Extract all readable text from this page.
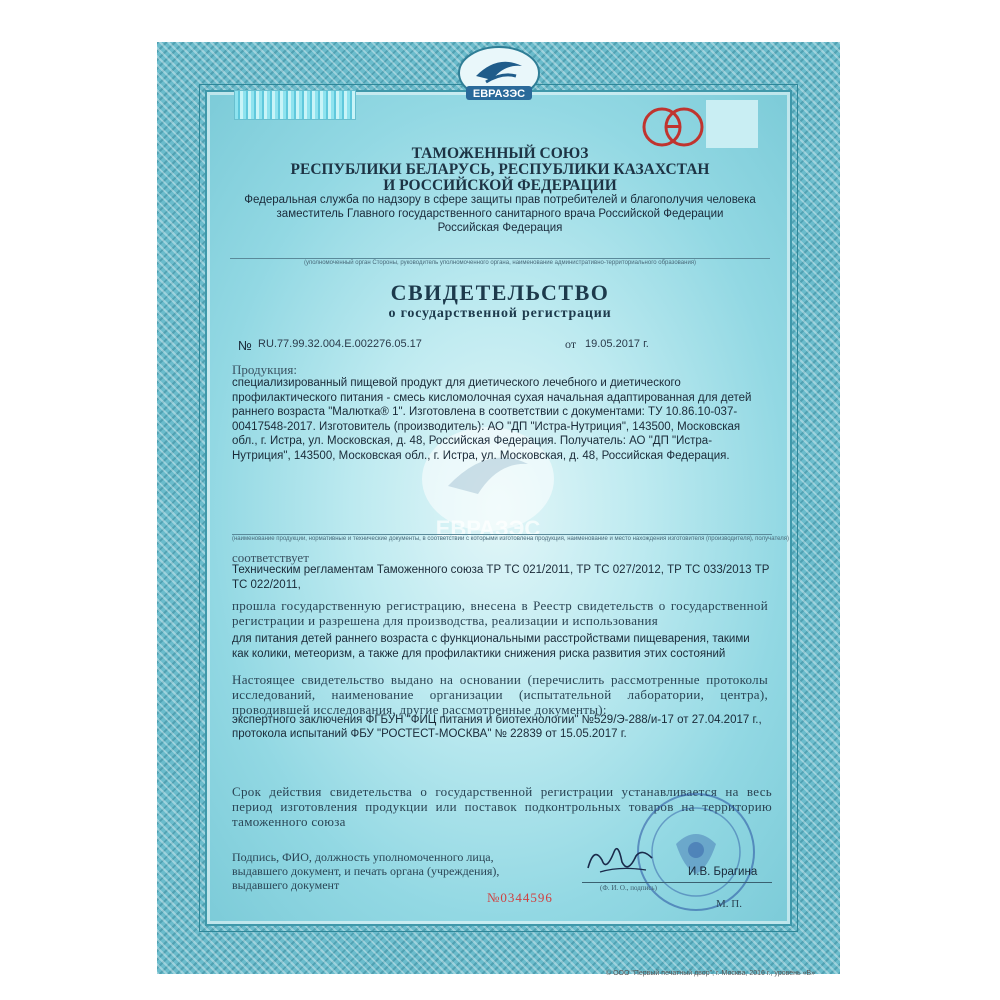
ЕВРАЗЭС
ТАМОЖЕННЫЙ СОЮЗ
РЕСПУБЛИКИ БЕЛАРУСЬ, РЕСПУБЛИКИ КАЗАХСТАН
И РОССИЙСКОЙ ФЕДЕРАЦИИ
Федеральная служба по надзору в сфере защиты прав потребителей и благополучия человека
заместитель Главного государственного санитарного врача Российской Федерации
Российская Федерация
(уполномоченный орган Стороны, руководитель уполномоченного органа, наименование административно-территориального образования)
СВИДЕТЕЛЬСТВО
о государственной регистрации
№ RU.77.99.32.004.Е.002276.05.17	от 19.05.2017 г.
ЕВРАЗЭС
Продукция:
специализированный пищевой продукт для диетического лечебного и диетического профилактического питания - смесь кисломолочная сухая начальная адаптированная для детей раннего возраста "Малютка® 1". Изготовлена в соответствии с документами: ТУ 10.86.10-037-00417548-2017. Изготовитель (производитель): АО "ДП "Истра-Нутриция", 143500, Московская обл., г. Истра, ул. Московская, д. 48, Российская Федерация. Получатель: АО "ДП "Истра-Нутриция", 143500, Московская обл., г. Истра, ул. Московская, д. 48, Российская Федерация.
(наименование продукции, нормативные и технические документы, в соответствии с которыми изготовлена продукция, наименование и место нахождения изготовителя (производителя), получателя)
соответствует
Техническим регламентам Таможенного союза ТР ТС 021/2011, ТР ТС 027/2012, ТР ТС 033/2013 ТР ТС 022/2011,
прошла государственную регистрацию, внесена в Реестр свидетельств о государственной регистрации и разрешена для производства, реализации и использования
для питания детей раннего возраста с функциональными расстройствами пищеварения, такими как колики, метеоризм, а также для профилактики снижения риска развития этих состояний
Настоящее свидетельство выдано на основании (перечислить рассмотренные протоколы исследований, наименование организации (испытательной лаборатории, центра), проводившей исследования, другие рассмотренные документы):
экспертного заключения ФГБУН "ФИЦ питания и биотехнологии" №529/Э-288/и-17 от 27.04.2017 г.,
протокола испытаний ФБУ "РОСТЕСТ-МОСКВА" № 22839 от 15.05.2017 г.
Срок действия свидетельства о государственной регистрации устанавливается на весь период изготовления продукции или поставок подконтрольных товаров на территорию таможенного союза
Подпись, ФИО, должность уполномоченного лица,
выдавшего документ, и печать органа (учреждения),
выдавшего документ
И.В. Брагина
(Ф. И. О., подпись)
М. П.
№0344596
© ООО "Первый печатный двор", г. Москва, 2016 г., уровень «В»
